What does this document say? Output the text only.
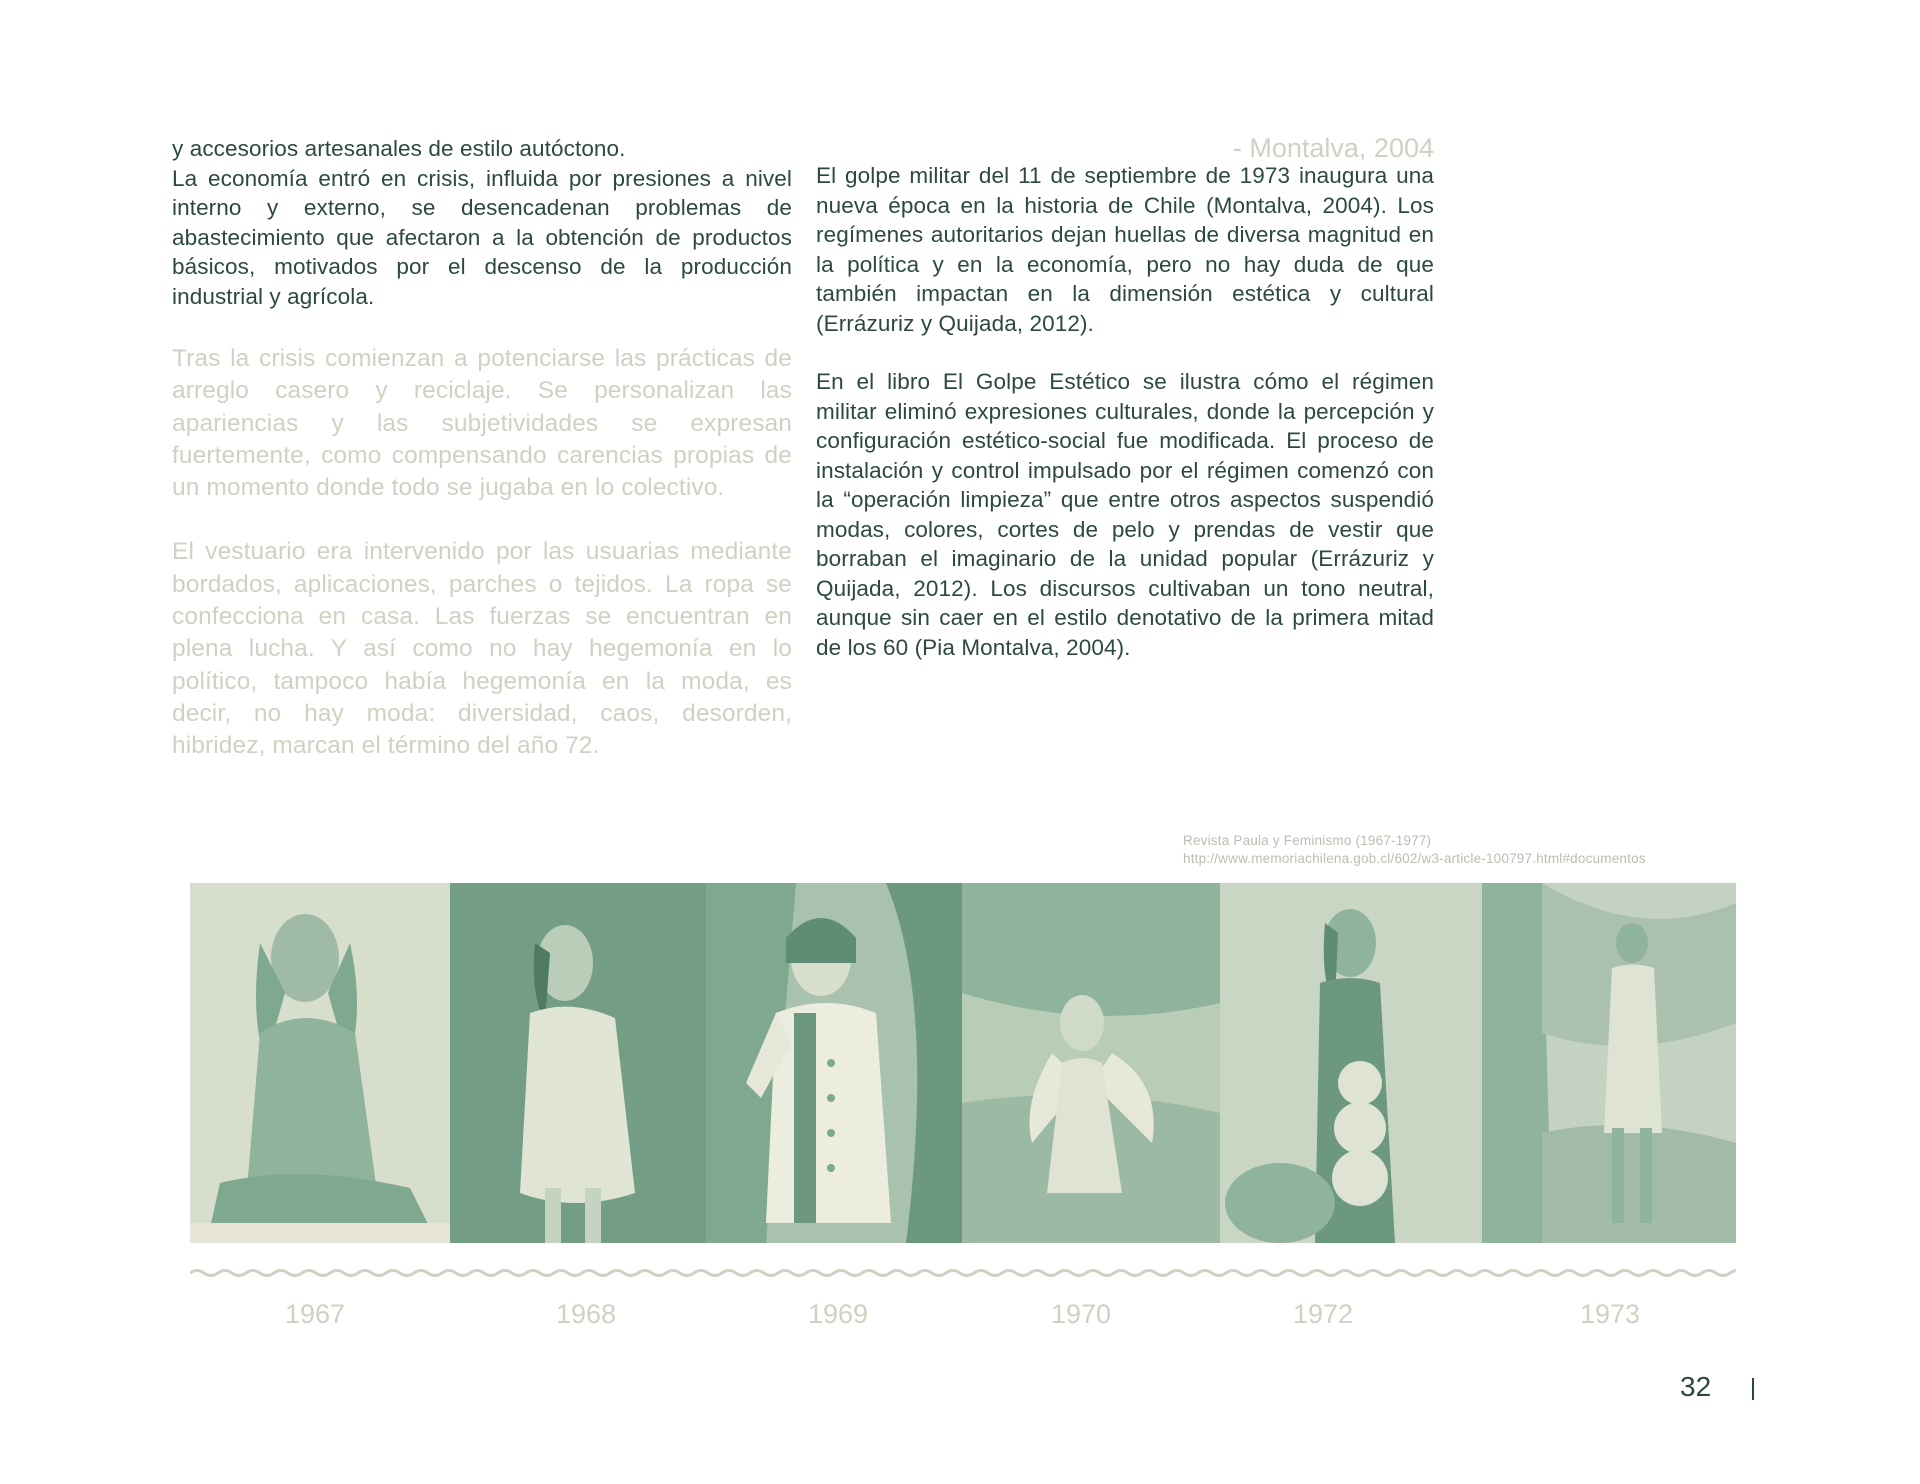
y accesorios artesanales de estilo autóctono.

La economía entró en crisis, influida por presiones a nivel interno y externo, se desencadenan problemas de abastecimiento que afectaron a la obtención de productos básicos, motivados por el descenso de la producción industrial y agrícola.

Tras la crisis comienzan a potenciarse las prácticas de arreglo casero y reciclaje. Se personalizan las apariencias y las subjetividades se expresan fuertemente, como compensando carencias propias de un momento donde todo se jugaba en lo colectivo.

El vestuario era intervenido por las usuarias mediante bordados, aplicaciones, parches o tejidos. La ropa se confecciona en casa. Las fuerzas se encuentran en plena lucha. Y así como no hay hegemonía en lo político, tampoco había hegemonía en la moda, es decir, no hay moda: diversidad, caos, desorden, hibridez, marcan el término del año 72.

- Montalva, 2004

El golpe militar del 11 de septiembre de 1973 inaugura una nueva época en la historia de Chile (Montalva, 2004). Los regímenes autoritarios dejan huellas de diversa magnitud en la política y en la economía, pero no hay duda de que también impactan en la dimensión estética y cultural (Errázuriz y Quijada, 2012).

En el libro El Golpe Estético se ilustra cómo el régimen militar eliminó expresiones culturales, donde la percepción y configuración estético-social fue modificada. El proceso de instalación y control impulsado por el régimen comenzó con la “operación limpieza” que entre otros aspectos suspendió modas, colores, cortes de pelo y prendas de vestir que borraban el imaginario de la unidad popular (Errázuriz y Quijada, 2012). Los discursos cultivaban un tono neutral, aunque sin caer en el estilo denotativo de la primera mitad de los 60 (Pia Montalva, 2004).

Revista Paula y Feminismo (1967-1977)
http://www.memoriachilena.gob.cl/602/w3-article-100797.html#documentos
1967	1968	1969	1970	1972	1973
32
